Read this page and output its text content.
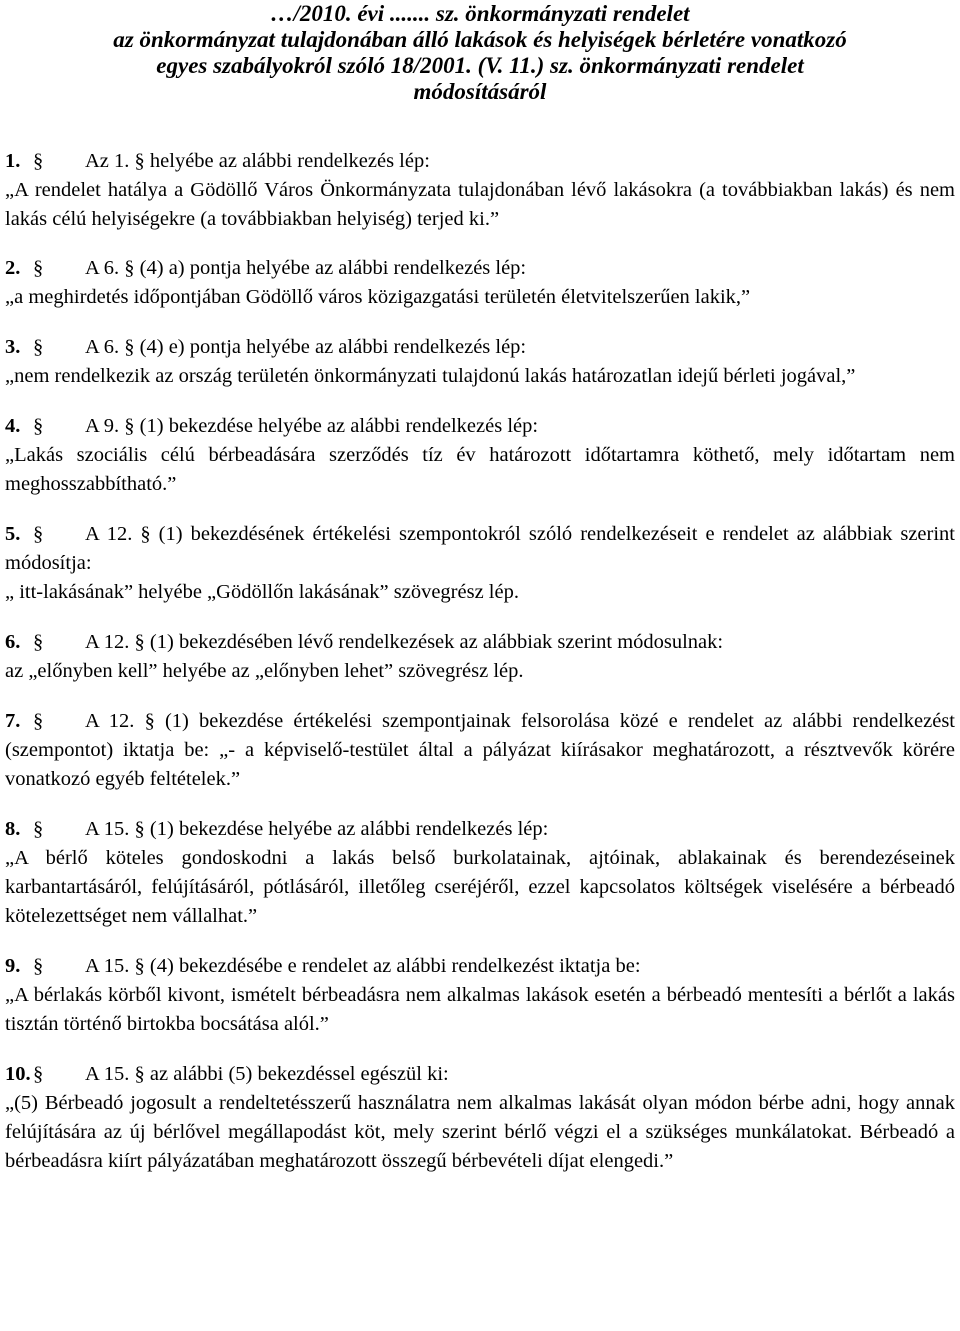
…/2010. évi ....... sz. önkormányzati rendelet
az önkormányzat tulajdonában álló lakások és helyiségek bérletére vonatkozó
egyes szabályokról szóló 18/2001. (V. 11.) sz. önkormányzati rendelet
módosításáról
1. § Az 1. § helyébe az alábbi rendelkezés lép:
„A rendelet hatálya a Gödöllő Város Önkormányzata tulajdonában lévő lakásokra (a továbbiakban lakás) és nem lakás célú helyiségekre (a továbbiakban helyiség) terjed ki.”
2. § A 6. § (4) a) pontja helyébe az alábbi rendelkezés lép:
„a meghirdetés időpontjában Gödöllő város közigazgatási területén életvitelszerűen lakik,”
3. § A 6. § (4) e) pontja helyébe az alábbi rendelkezés lép:
„nem rendelkezik az ország területén önkormányzati tulajdonú lakás határozatlan idejű bérleti jogával,”
4. § A 9. § (1) bekezdése helyébe az alábbi rendelkezés lép:
„Lakás szociális célú bérbeadására szerződés tíz év határozott időtartamra köthető, mely időtartam nem meghosszabbítható.”
5. § A 12. § (1) bekezdésének értékelési szempontokról szóló rendelkezéseit e rendelet az alábbiak szerint módosítja:
„ itt-lakásának” helyébe „Gödöllőn lakásának” szövegrész lép.
6. § A 12. § (1) bekezdésében lévő rendelkezések az alábbiak szerint módosulnak:
az „előnyben kell” helyébe az „előnyben lehet” szövegrész lép.
7. § A 12. § (1) bekezdése értékelési szempontjainak felsorolása közé e rendelet az alábbi rendelkezést (szempontot) iktatja be: „- a képviselő-testület által a pályázat kiírásakor meghatározott, a résztvevők körére vonatkozó egyéb feltételek.”
8. § A 15. § (1) bekezdése helyébe az alábbi rendelkezés lép:
„A bérlő köteles gondoskodni a lakás belső burkolatainak, ajtóinak, ablakainak és berendezéseinek karbantartásáról, felújításáról, pótlásáról, illetőleg cseréjéről, ezzel kapcsolatos költségek viselésére a bérbeadó kötelezettséget nem vállalhat.”
9. § A 15. § (4) bekezdésébe e rendelet az alábbi rendelkezést iktatja be:
„A bérlakás körből kivont, ismételt bérbeadásra nem alkalmas lakások esetén a bérbeadó mentesíti a bérlőt a lakás tisztán történő birtokba bocsátása alól.”
10. § A 15. § az alábbi (5) bekezdéssel egészül ki:
„(5) Bérbeadó jogosult a rendeltetésszerű használatra nem alkalmas lakását olyan módon bérbe adni, hogy annak felújítására az új bérlővel megállapodást köt, mely szerint bérlő végzi el a szükséges munkálatokat. Bérbeadó a bérbeadásra kiírt pályázatában meghatározott összegű bérbevételi díjat elengedi.”
